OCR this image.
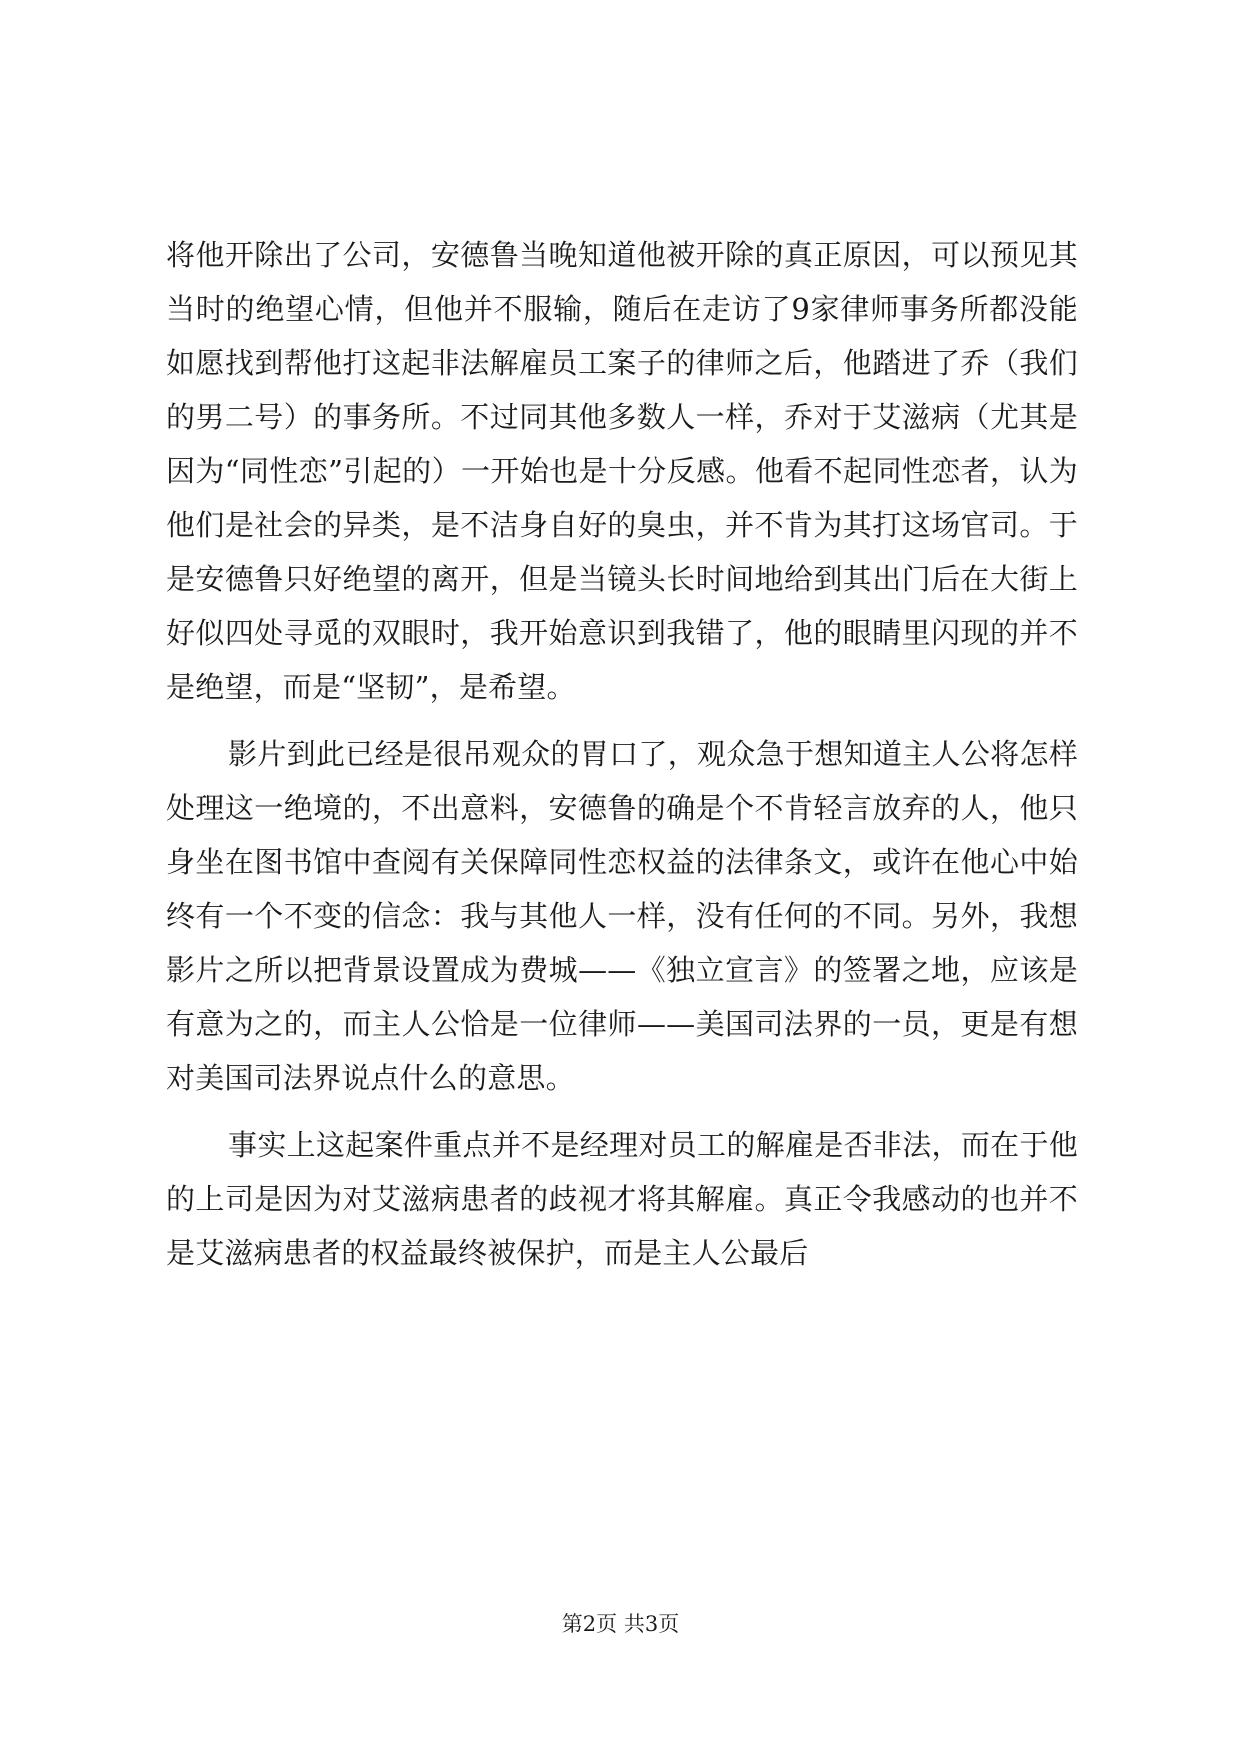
将他开除出了公司，安德鲁当晚知道他被开除的真正原因，可以预见其当时的绝望心情，但他并不服输，随后在走访了9家律师事务所都没能如愿找到帮他打这起非法解雇员工案子的律师之后，他踏进了乔（我们的男二号）的事务所。不过同其他多数人一样，乔对于艾滋病（尤其是因为“同性恋”引起的）一开始也是十分反感。他看不起同性恋者，认为他们是社会的异类，是不洁身自好的臭虫，并不肯为其打这场官司。于是安德鲁只好绝望的离开，但是当镜头长时间地给到其出门后在大街上好似四处寻觅的双眼时，我开始意识到我错了，他的眼睛里闪现的并不是绝望，而是“坚韧”，是希望。

影片到此已经是很吊观众的胃口了，观众急于想知道主人公将怎样处理这一绝境的，不出意料，安德鲁的确是个不肯轻言放弃的人，他只身坐在图书馆中查阅有关保障同性恋权益的法律条文，或许在他心中始终有一个不变的信念：我与其他人一样，没有任何的不同。另外，我想影片之所以把背景设置成为费城——《独立宣言》的签署之地，应该是有意为之的，而主人公恰是一位律师——美国司法界的一员，更是有想对美国司法界说点什么的意思。

事实上这起案件重点并不是经理对员工的解雇是否非法，而在于他的上司是因为对艾滋病患者的歧视才将其解雇。真正令我感动的也并不是艾滋病患者的权益最终被保护，而是主人公最后

第2页 共3页
